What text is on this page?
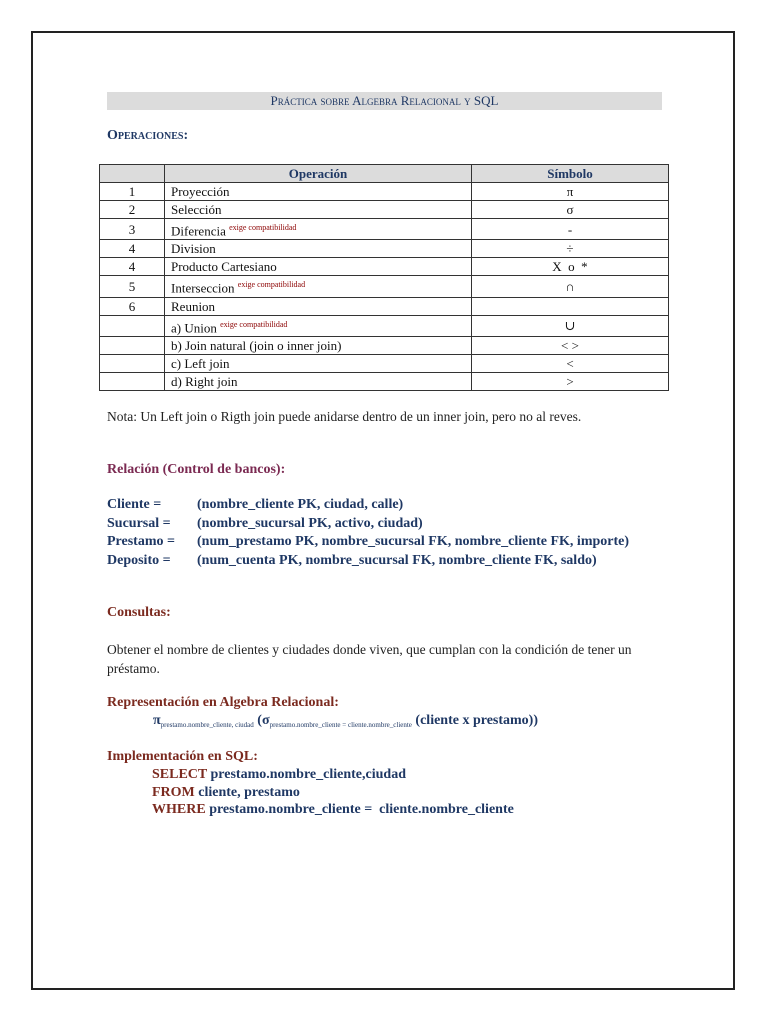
Práctica sobre Algebra Relacional y SQL
Operaciones:
	Operación	Símbolo
1	Proyección	π
2	Selección	σ
3	Diferencia $^{exige compatibilidad}$	-
4	Division	÷
4	Producto Cartesiano	X  o  *
5	Interseccion $^{exige compatibilidad}$	∩
6	Reunion	
	a) Union $^{exige compatibilidad}$	∪
	b) Join natural (join o inner join)	< >
	c) Left join	<
	d) Right join	>
Nota: Un Left join o Rigth join puede anidarse dentro de un inner join, pero no al reves.
Relación (Control de bancos):
Cliente =	(nombre_cliente PK, ciudad, calle)
Sucursal = (nombre_sucursal PK, activo, ciudad)
Prestamo = (num_prestamo PK, nombre_sucursal FK, nombre_cliente FK, importe)
Deposito = (num_cuenta PK, nombre_sucursal FK, nombre_cliente FK, saldo)
Consultas:
Obtener el nombre de clientes y ciudades donde viven, que cumplan con la condición de tener un préstamo.
Representación en Algebra Relacional:
$\pi_{prestamo.nombre\_cliente, ciudad}$ ($\sigma_{prestamo.nombre\_cliente = cliente.nombre\_cliente}$ (cliente x prestamo))
Implementación en SQL:
SELECT prestamo.nombre_cliente,ciudad
FROM cliente, prestamo
WHERE prestamo.nombre_cliente =  cliente.nombre_cliente
